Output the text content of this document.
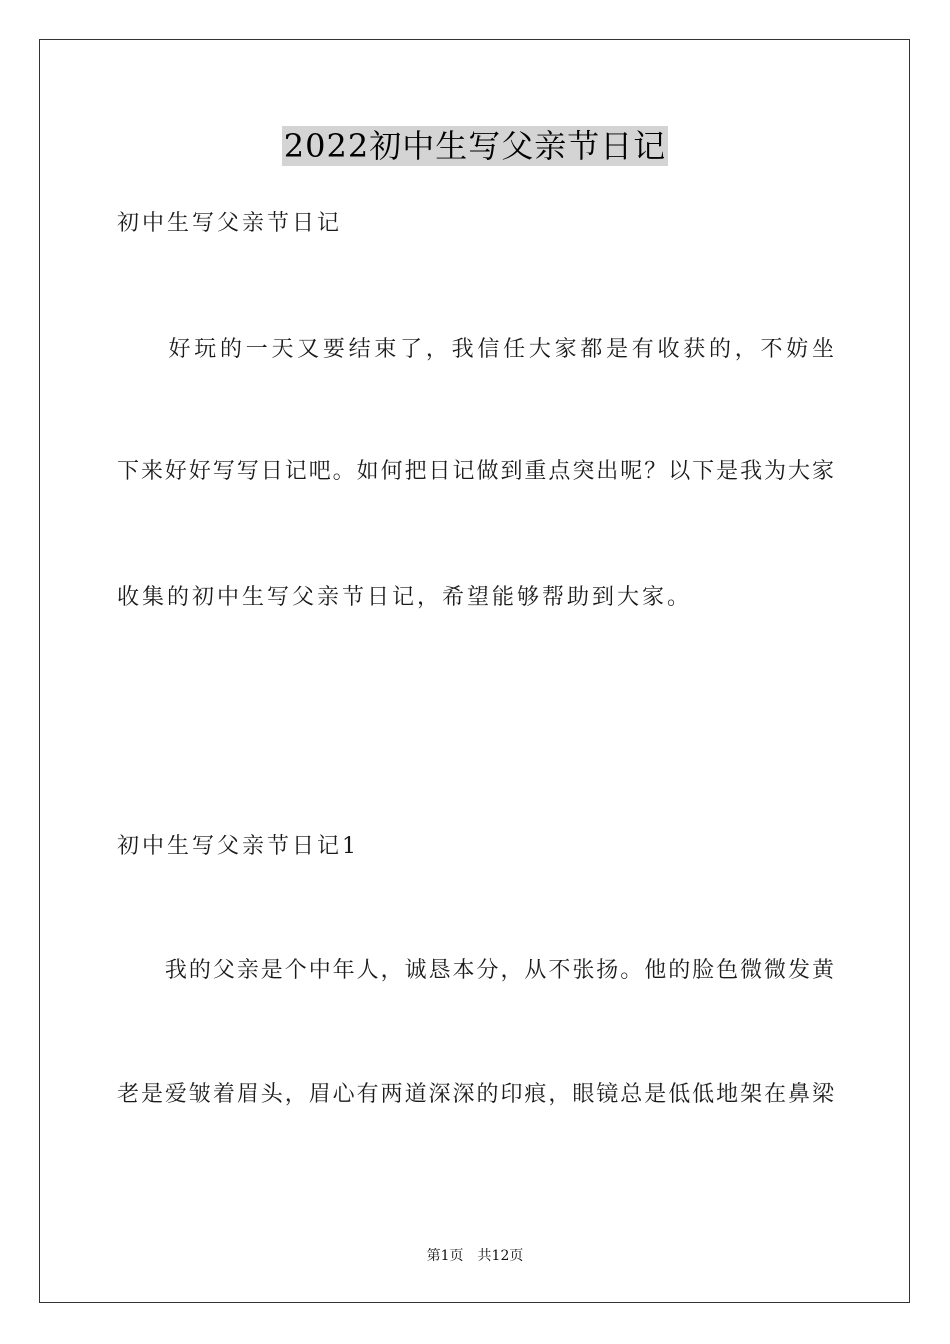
2022初中生写父亲节日记
初中生写父亲节日记
　　好玩的一天又要结束了，我信任大家都是有收获的，不妨坐
下来好好写写日记吧。如何把日记做到重点突出呢？以下是我为大家
收集的初中生写父亲节日记，希望能够帮助到大家。
初中生写父亲节日记1
　　我的父亲是个中年人，诚恳本分，从不张扬。他的脸色微微发黄
老是爱皱着眉头，眉心有两道深深的印痕，眼镜总是低低地架在鼻梁
第1页 共12页
